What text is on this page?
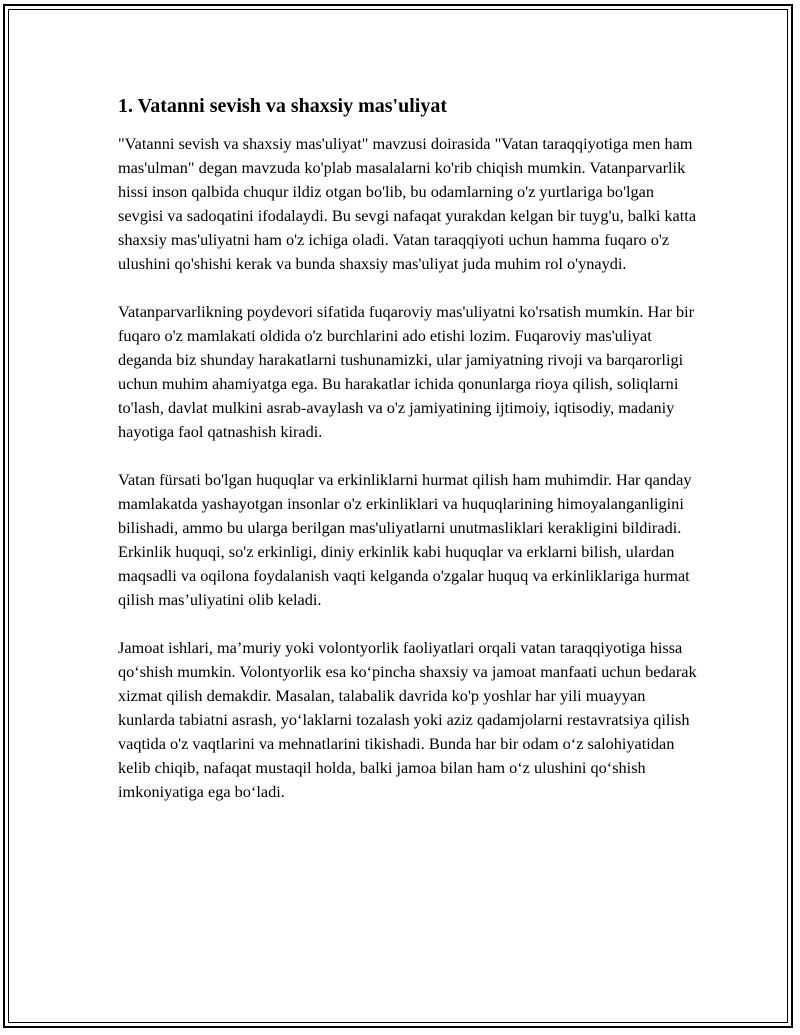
1. Vatanni sevish va shaxsiy mas'uliyat

"Vatanni sevish va shaxsiy mas'uliyat" mavzusi doirasida "Vatan taraqqiyotiga men ham mas'ulman" degan mavzuda ko'plab masalalarni ko'rib chiqish mumkin. Vatanparvarlik hissi inson qalbida chuqur ildiz otgan bo'lib, bu odamlarning o'z yurtlariga bo'lgan sevgisi va sadoqatini ifodalaydi. Bu sevgi nafaqat yurakdan kelgan bir tuyg'u, balki katta shaxsiy mas'uliyatni ham o'z ichiga oladi. Vatan taraqqiyoti uchun hamma fuqaro o'z ulushini qo'shishi kerak va bunda shaxsiy mas'uliyat juda muhim rol o'ynaydi.

Vatanparvarlikning poydevori sifatida fuqaroviy mas'uliyatni ko'rsatish mumkin. Har bir fuqaro o'z mamlakati oldida o'z burchlarini ado etishi lozim. Fuqaroviy mas'uliyat deganda biz shunday harakatlarni tushunamizki, ular jamiyatning rivoji va barqarorligi uchun muhim ahamiyatga ega. Bu harakatlar ichida qonunlarga rioya qilish, soliqlarni to'lash, davlat mulkini asrab-avaylash va o'z jamiyatining ijtimoiy, iqtisodiy, madaniy hayotiga faol qatnashish kiradi.

Vatan fürsati bo'lgan huquqlar va erkinliklarni hurmat qilish ham muhimdir. Har qanday mamlakatda yashayotgan insonlar o'z erkinliklari va huquqlarining himoyalanganligini bilishadi, ammo bu ularga berilgan mas'uliyatlarni unutmasliklari kerakligini bildiradi. Erkinlik huquqi, so'z erkinligi, diniy erkinlik kabi huquqlar va erklarni bilish, ulardan maqsadli va oqilona foydalanish vaqti kelganda o'zgalar huquq va erkinliklariga hurmat qilish mas’uliyatini olib keladi.

Jamoat ishlari, ma’muriy yoki volontyorlik faoliyatlari orqali vatan taraqqiyotiga hissa qo‘shish mumkin. Volontyorlik esa ko‘pincha shaxsiy va jamoat manfaati uchun bedarak xizmat qilish demakdir. Masalan, talabalik davrida ko'p yoshlar har yili muayyan kunlarda tabiatni asrash, yo‘laklarni tozalash yoki aziz qadamjolarni restavratsiya qilish vaqtida o'z vaqtlarini va mehnatlarini tikishadi. Bunda har bir odam o‘z salohiyatidan kelib chiqib, nafaqat mustaqil holda, balki jamoa bilan ham o‘z ulushini qo‘shish imkoniyatiga ega bo‘ladi.
